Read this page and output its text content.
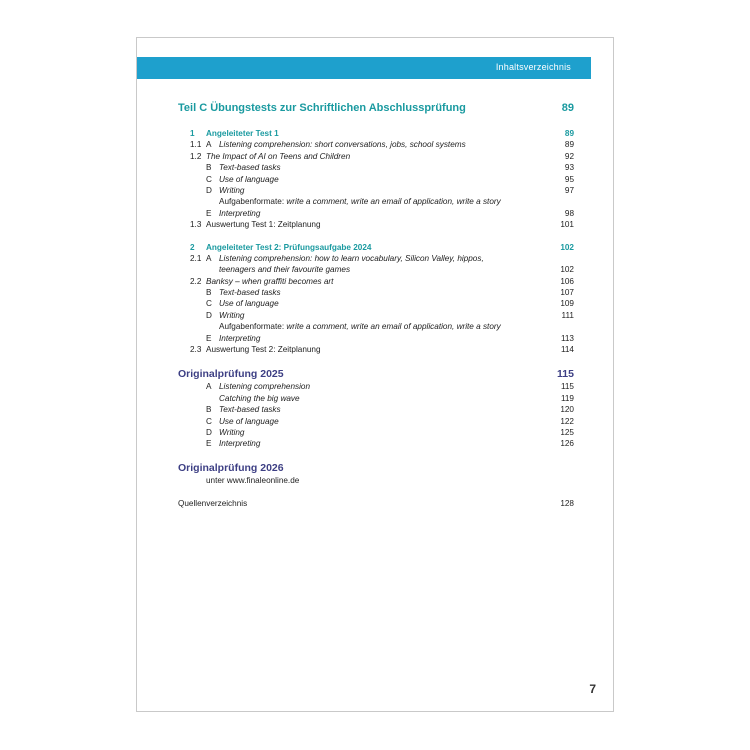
Inhaltsverzeichnis
Teil C Übungstests zur Schriftlichen Abschlussprüfung	89
1 Angeleiteter Test 1	89
1.1 A Listening comprehension: short conversations, jobs, school systems	89
1.2 The Impact of AI on Teens and Children	92
B Text-based tasks	93
C Use of language	95
D Writing	97
Aufgabenformate: write a comment, write an email of application, write a story
E Interpreting	98
1.3 Auswertung Test 1: Zeitplanung	101
2 Angeleiteter Test 2: Prüfungsaufgabe 2024	102
2.1 A Listening comprehension: how to learn vocabulary, Silicon Valley, hippos,
teenagers and their favourite games	102
2.2 Banksy – when graffiti becomes art	106
B Text-based tasks	107
C Use of language	109
D Writing	111
Aufgabenformate: write a comment, write an email of application, write a story
E Interpreting	113
2.3 Auswertung Test 2: Zeitplanung	114
Originalprüfung 2025	115
A Listening comprehension	115
Catching the big wave	119
B Text-based tasks	120
C Use of language	122
D Writing	125
E Interpreting	126
Originalprüfung 2026
unter www.finaleonline.de
Quellenverzeichnis	128
7
